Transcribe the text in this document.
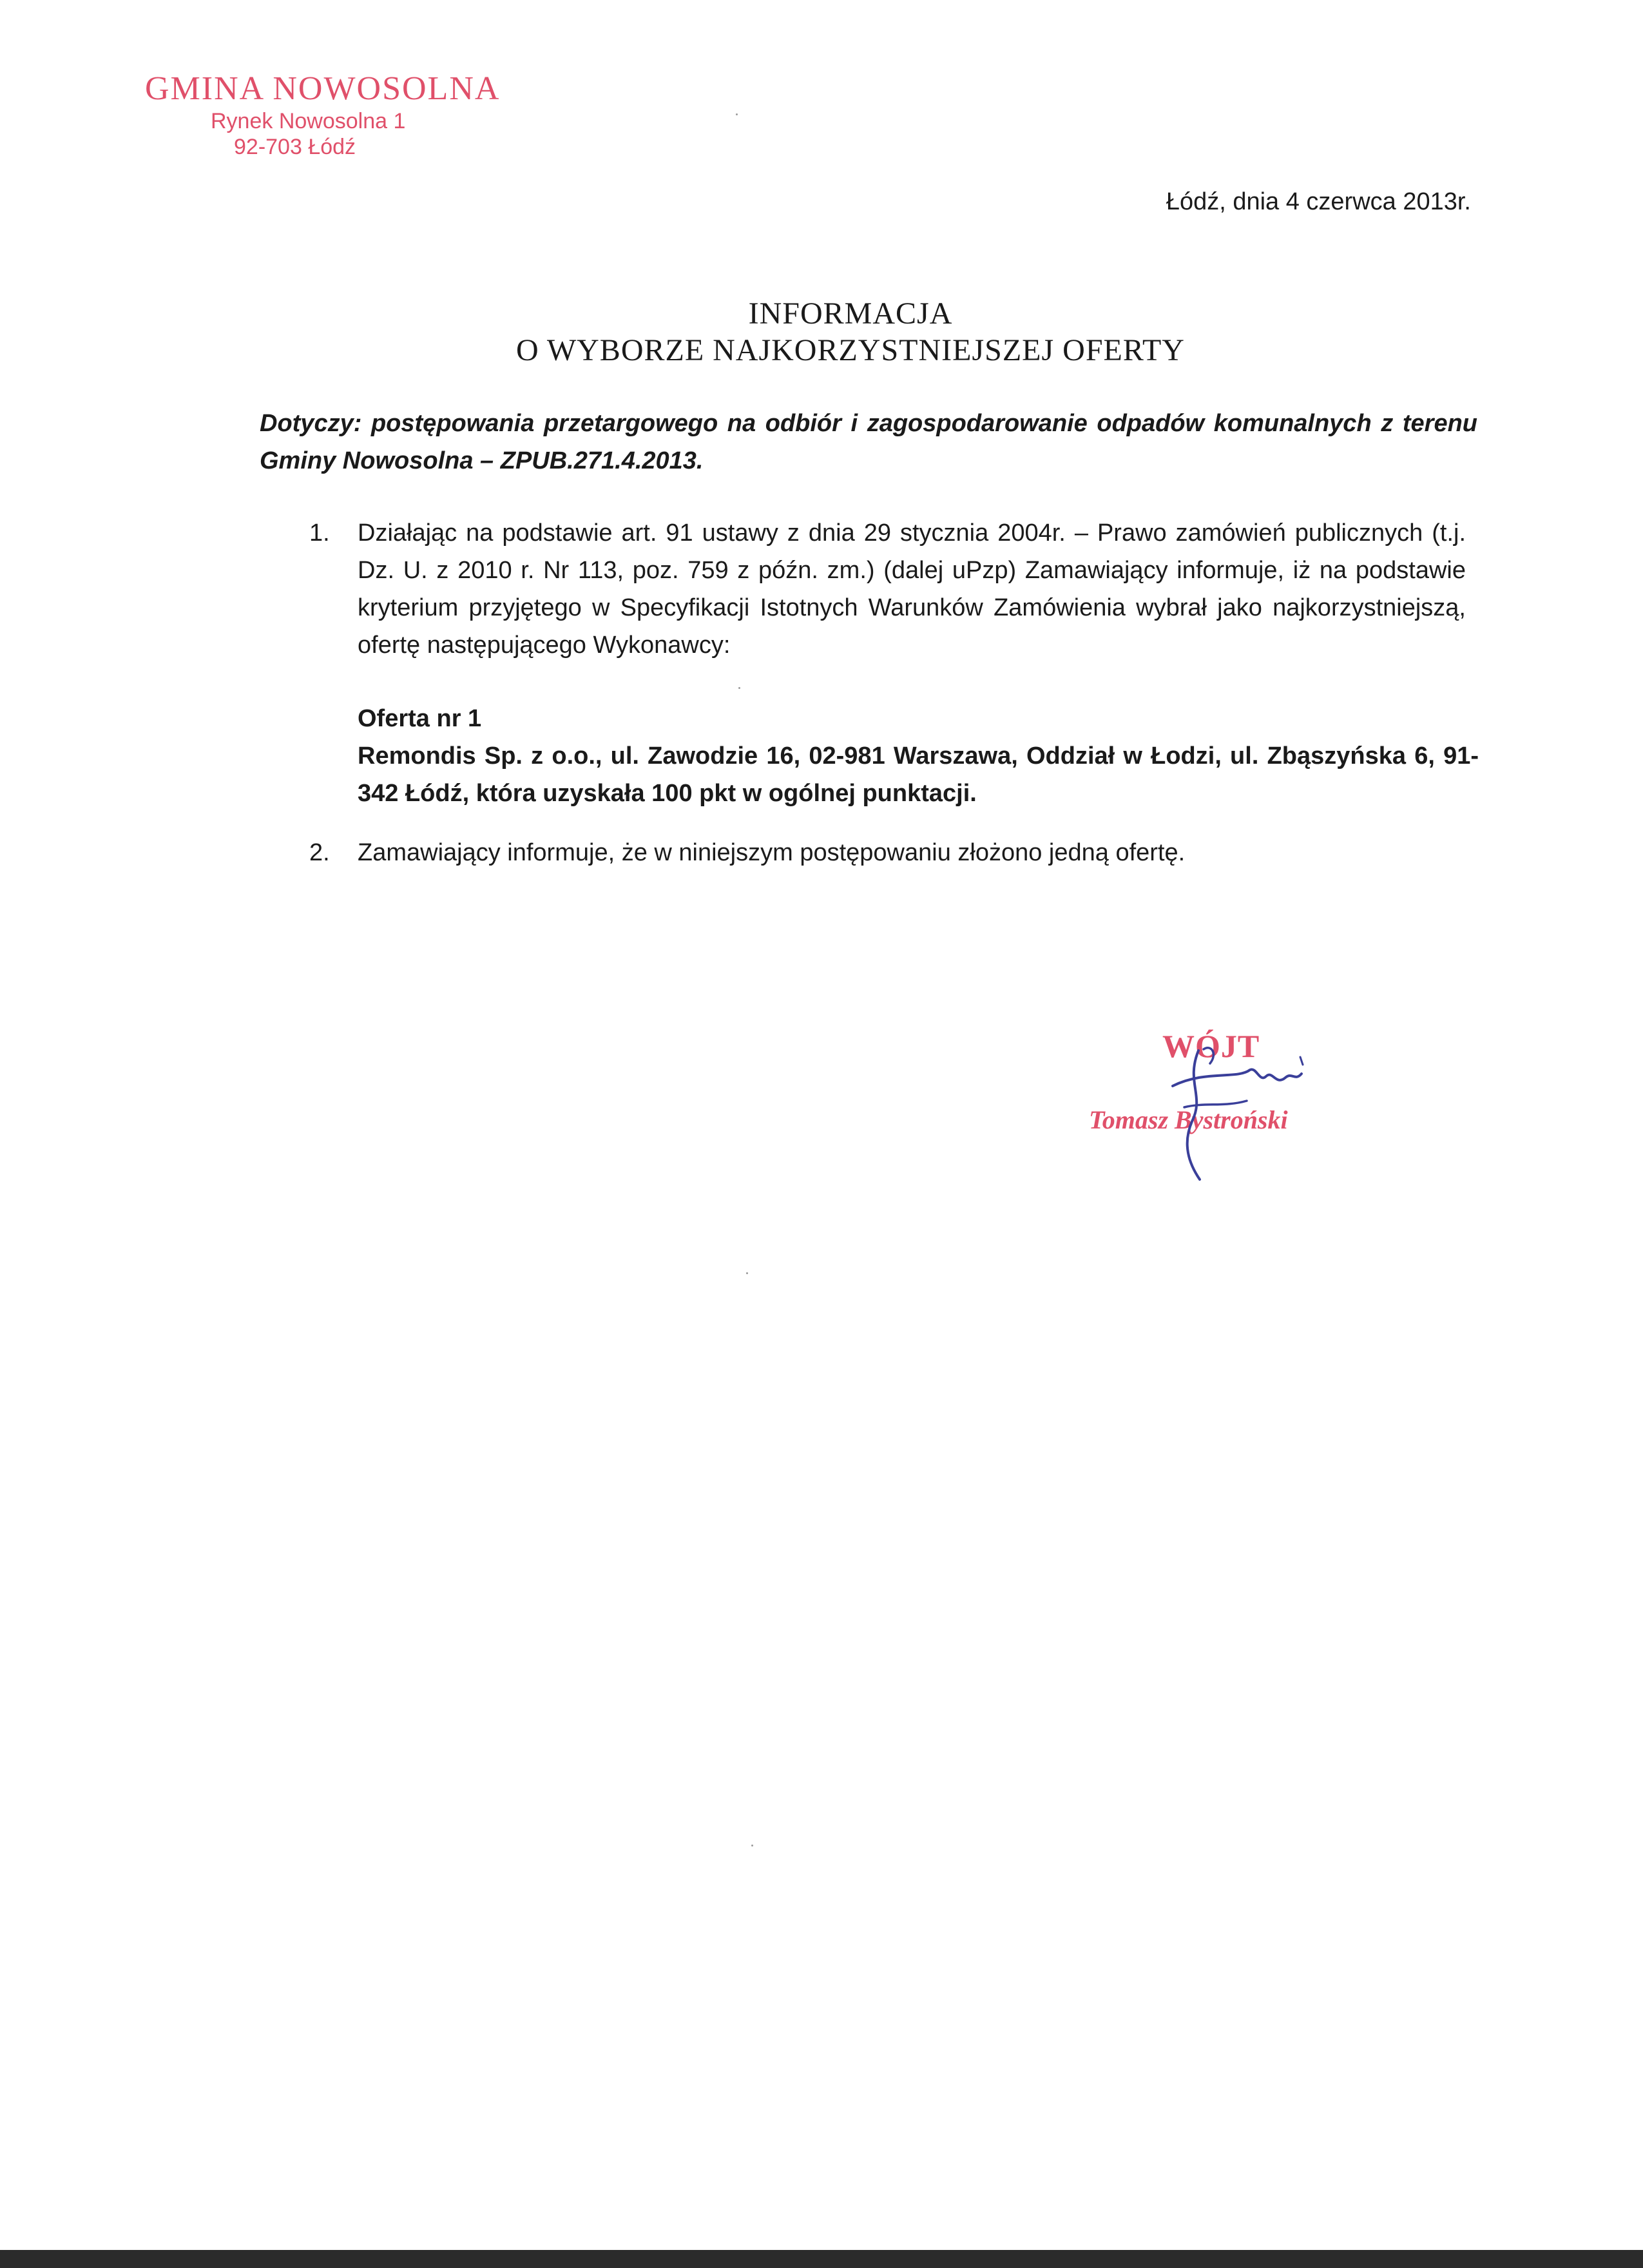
GMINA NOWOSOLNA
Rynek Nowosolna 1
92-703 Łódź
Łódź, dnia 4 czerwca 2013r.
INFORMACJA
O WYBORZE NAJKORZYSTNIEJSZEJ OFERTY
Dotyczy: postępowania przetargowego na odbiór i zagospodarowanie odpadów komunalnych z terenu Gminy Nowosolna – ZPUB.271.4.2013.
1. Działając na podstawie art. 91 ustawy z dnia 29 stycznia 2004r. – Prawo zamówień publicznych (t.j. Dz. U. z 2010 r. Nr 113, poz. 759 z późn. zm.) (dalej uPzp) Zamawiający informuje, iż na podstawie kryterium przyjętego w Specyfikacji Istotnych Warunków Zamówienia wybrał jako najkorzystniejszą, ofertę następującego Wykonawcy:
Oferta nr 1
Remondis Sp. z o.o., ul. Zawodzie 16, 02-981 Warszawa, Oddział w Łodzi, ul. Zbąszyńska 6, 91-342 Łódź, która uzyskała 100 pkt w ogólnej punktacji.
2. Zamawiający informuje, że w niniejszym postępowaniu złożono jedną ofertę.
WÓJT
Tomasz Bystroński
